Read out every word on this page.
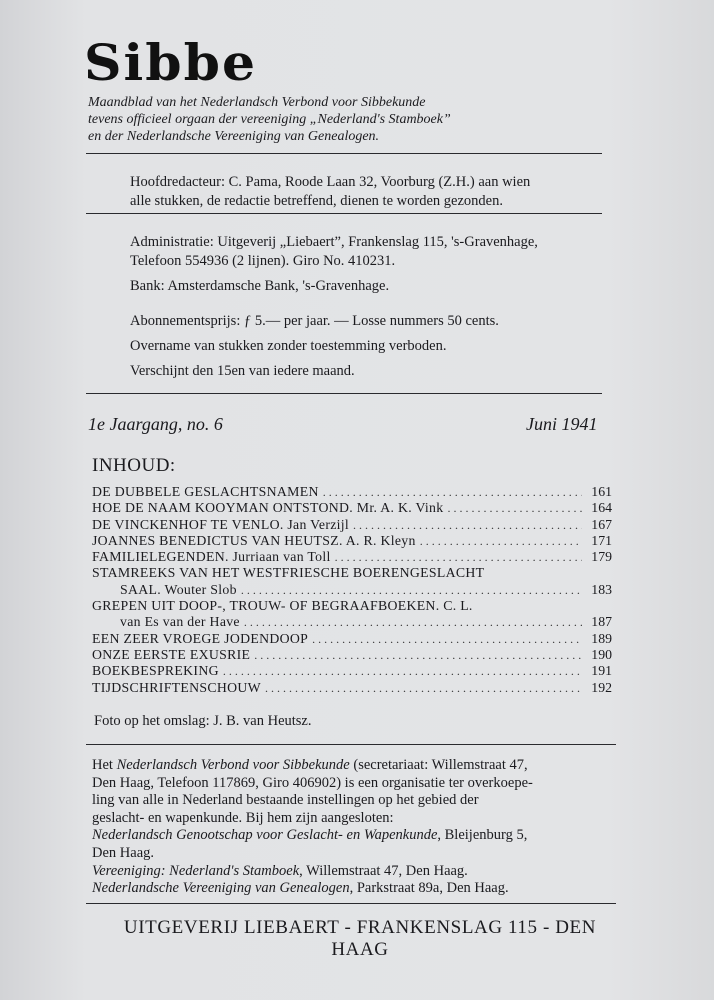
Sibbe
Maandblad van het Nederlandsch Verbond voor Sibbekunde
tevens officieel orgaan der vereeniging „Nederland's Stamboek”
en der Nederlandsche Vereeniging van Genealogen.

Hoofdredacteur: C. Pama, Roode Laan 32, Voorburg (Z.H.) aan wien

alle stukken, de redactie betreffend, dienen te worden gezonden.

Administratie: Uitgeverij „Liebaert”, Frankenslag 115, 's-Gravenhage,

Telefoon 554936 (2 lijnen). Giro No. 410231.

Bank: Amsterdamsche Bank, 's-Gravenhage.

Abonnementsprijs: ƒ 5.— per jaar. — Losse nummers 50 cents.

Overname van stukken zonder toestemming verboden.

Verschijnt den 15en van iedere maand.

1e Jaargang, no. 6	Juni 1941
INHOUD:
DE DUBBELE GESLACHTSNAMEN .....	161
HOE DE NAAM KOOYMAN ONTSTOND. Mr. A. K. Vink .....	164
DE VINCKENHOF TE VENLO. Jan Verzijl .....	167
JOANNES BENEDICTUS VAN HEUTSZ. A. R. Kleyn .....	171
FAMILIELEGENDEN. Jurriaan van Toll .....	179
STAMREEKS VAN HET WESTFRIESCHE BOERENGESLACHT
SAAL. Wouter Slob .....	183
GREPEN UIT DOOP-, TROUW- OF BEGRAAFBOEKEN. C. L.
van Es van der Have .....	187
EEN ZEER VROEGE JODENDOOP .....	189
ONZE EERSTE EXUSRIE .....	190
BOEKBESPREKING .....	191
TIJDSCHRIFTENSCHOUW .....	192
Foto op het omslag: J. B. van Heutsz.

Het Nederlandsch Verbond voor Sibbekunde (secretariaat: Willemstraat 47,

Den Haag, Telefoon 117869, Giro 406902) is een organisatie ter overkoepe-

ling van alle in Nederland bestaande instellingen op het gebied der

geslacht- en wapenkunde. Bij hem zijn aangesloten:

Nederlandsch Genootschap voor Geslacht- en Wapenkunde, Bleijenburg 5,

Den Haag.

Vereeniging: Nederland's Stamboek, Willemstraat 47, Den Haag.

Nederlandsche Vereeniging van Genealogen, Parkstraat 89a, Den Haag.

UITGEVERIJ LIEBAERT - FRANKENSLAG 115 - DEN HAAG
